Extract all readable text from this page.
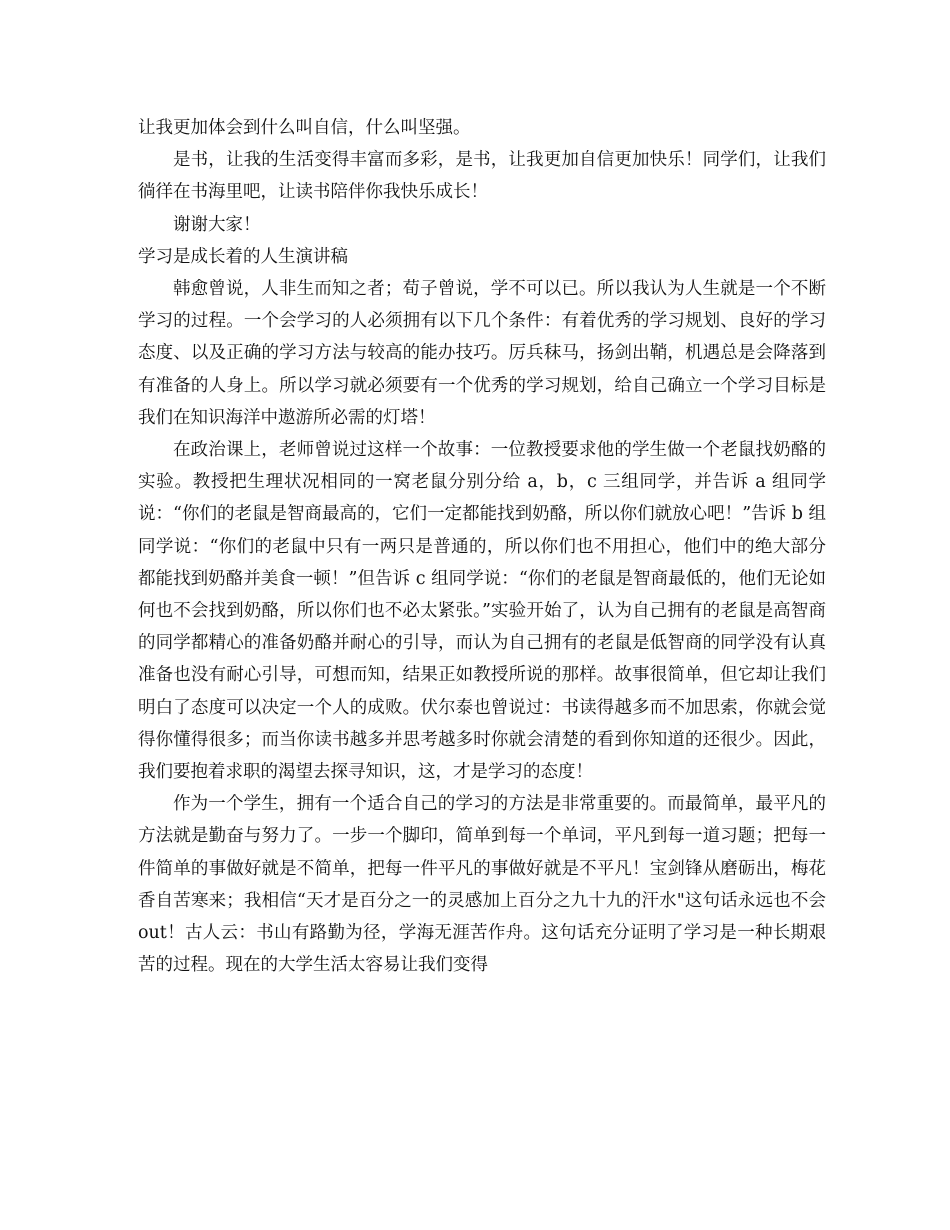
让我更加体会到什么叫自信，什么叫坚强。

是书，让我的生活变得丰富而多彩，是书，让我更加自信更加快乐！同学们，让我们徜徉在书海里吧，让读书陪伴你我快乐成长！

谢谢大家！

学习是成长着的人生演讲稿

韩愈曾说，人非生而知之者；荀子曾说，学不可以已。所以我认为人生就是一个不断学习的过程。一个会学习的人必须拥有以下几个条件：有着优秀的学习规划、良好的学习态度、以及正确的学习方法与较高的能办技巧。厉兵秣马，扬剑出鞘，机遇总是会降落到有准备的人身上。所以学习就必须要有一个优秀的学习规划，给自己确立一个学习目标是我们在知识海洋中遨游所必需的灯塔！

在政治课上，老师曾说过这样一个故事：一位教授要求他的学生做一个老鼠找奶酪的实验。教授把生理状况相同的一窝老鼠分别分给 a，b，c 三组同学，并告诉 a 组同学说：“你们的老鼠是智商最高的，它们一定都能找到奶酪，所以你们就放心吧！”告诉 b 组同学说：“你们的老鼠中只有一两只是普通的，所以你们也不用担心，他们中的绝大部分都能找到奶酪并美食一顿！”但告诉 c 组同学说：“你们的老鼠是智商最低的，他们无论如何也不会找到奶酪，所以你们也不必太紧张。”实验开始了，认为自己拥有的老鼠是高智商的同学都精心的准备奶酪并耐心的引导，而认为自己拥有的老鼠是低智商的同学没有认真准备也没有耐心引导，可想而知，结果正如教授所说的那样。故事很简单，但它却让我们明白了态度可以决定一个人的成败。伏尔泰也曾说过：书读得越多而不加思索，你就会觉得你懂得很多；而当你读书越多并思考越多时你就会清楚的看到你知道的还很少。因此，我们要抱着求职的渴望去探寻知识，这，才是学习的态度！

作为一个学生，拥有一个适合自己的学习的方法是非常重要的。而最简单，最平凡的方法就是勤奋与努力了。一步一个脚印，简单到每一个单词，平凡到每一道习题；把每一件简单的事做好就是不简单，把每一件平凡的事做好就是不平凡！宝剑锋从磨砺出，梅花香自苦寒来；我相信“天才是百分之一的灵感加上百分之九十九的汗水"这句话永远也不会 out！古人云：书山有路勤为径，学海无涯苦作舟。这句话充分证明了学习是一种长期艰苦的过程。现在的大学生活太容易让我们变得
